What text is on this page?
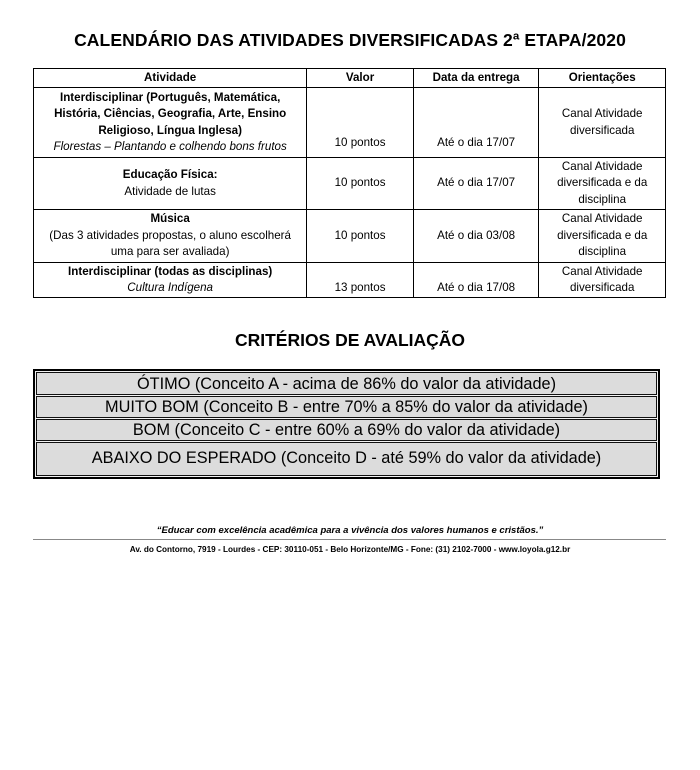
CALENDÁRIO DAS ATIVIDADES DIVERSIFICADAS 2ª ETAPA/2020
Atividade	Valor	Data da entrega	Orientações

Interdisciplinar (Português, Matemática, História, Ciências, Geografia, Arte, Ensino Religioso, Língua Inglesa)
Florestas – Plantando e colhendo bons frutos	10 pontos	Até o dia 17/07	Canal Atividade diversificada

Educação Física:
Atividade de lutas	10 pontos	Até o dia 17/07	Canal Atividade diversificada e da disciplina

Música
(Das 3 atividades propostas, o aluno escolherá uma para ser avaliada)	10 pontos	Até o dia 03/08	Canal Atividade diversificada e da disciplina

Interdisciplinar (todas as disciplinas)
Cultura Indígena	13 pontos	Até o dia 17/08	Canal Atividade diversificada
CRITÉRIOS DE AVALIAÇÃO
ÓTIMO (Conceito A - acima de 86% do valor da atividade)
MUITO BOM (Conceito B - entre 70% a 85% do valor da atividade)
BOM (Conceito C - entre 60% a 69% do valor da atividade)
ABAIXO DO ESPERADO (Conceito D - até 59% do valor da atividade)
“Educar com excelência acadêmica para a vivência dos valores humanos e cristãos.”
Av. do Contorno, 7919 - Lourdes - CEP: 30110-051 - Belo Horizonte/MG - Fone: (31) 2102-7000 - www.loyola.g12.br
